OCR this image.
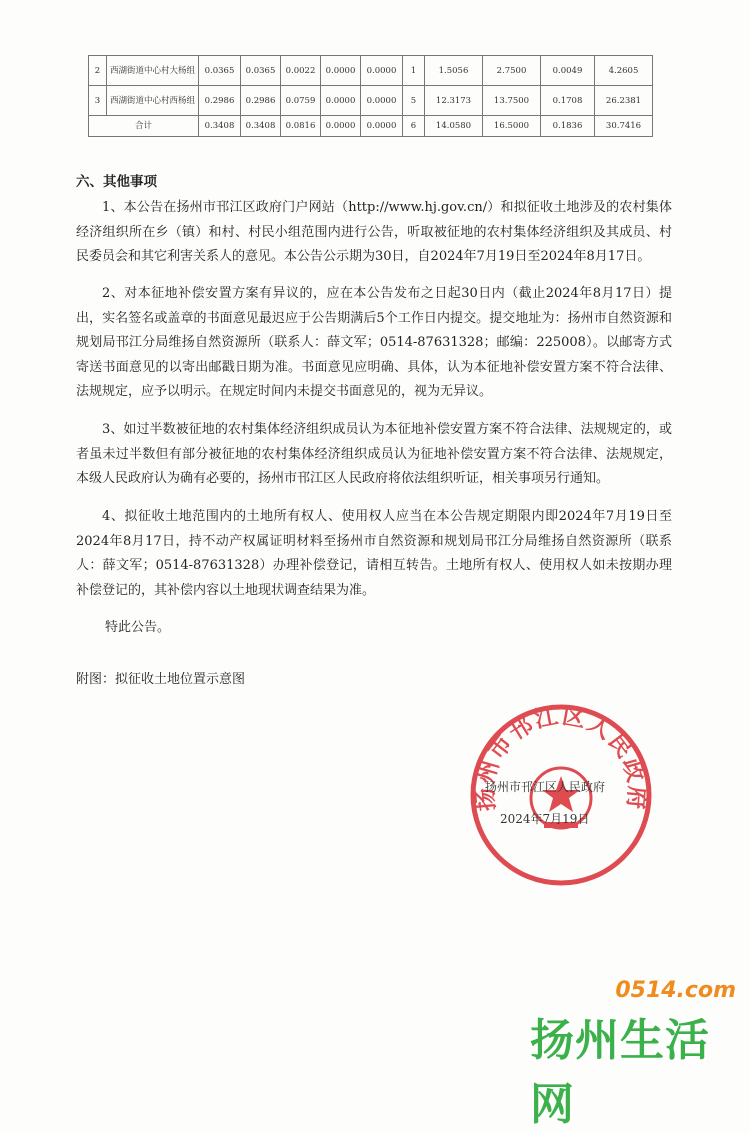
2	西湖街道中心村大杨组	0.0365	0.0365	0.0022	0.0000	0.0000	1	1.5056	2.7500	0.0049	4.2605
3	西湖街道中心村西杨组	0.2986	0.2986	0.0759	0.0000	0.0000	5	12.3173	13.7500	0.1708	26.2381
合计		0.3408	0.3408	0.0816	0.0000	0.0000	6	14.0580	16.5000	0.1836	30.7416
六、其他事项

1、本公告在扬州市邗江区政府门户网站（http://www.hj.gov.cn/）和拟征收土地涉及的农村集体经济组织所在乡（镇）和村、村民小组范围内进行公告，听取被征地的农村集体经济组织及其成员、村民委员会和其它利害关系人的意见。本公告公示期为30日，自2024年7月19日至2024年8月17日。

2、对本征地补偿安置方案有异议的，应在本公告发布之日起30日内（截止2024年8月17日）提出，实名签名或盖章的书面意见最迟应于公告期满后5个工作日内提交。提交地址为：扬州市自然资源和规划局邗江分局维扬自然资源所（联系人：薛文军；0514-87631328；邮编：225008）。以邮寄方式寄送书面意见的以寄出邮戳日期为准。书面意见应明确、具体，认为本征地补偿安置方案不符合法律、法规规定，应予以明示。在规定时间内未提交书面意见的，视为无异议。

3、如过半数被征地的农村集体经济组织成员认为本征地补偿安置方案不符合法律、法规规定的，或者虽未过半数但有部分被征地的农村集体经济组织成员认为征地补偿安置方案不符合法律、法规规定，本级人民政府认为确有必要的，扬州市邗江区人民政府将依法组织听证，相关事项另行通知。

4、拟征收土地范围内的土地所有权人、使用权人应当在本公告规定期限内即2024年7月19日至2024年8月17日，持不动产权属证明材料至扬州市自然资源和规划局邗江分局维扬自然资源所（联系人：薛文军；0514-87631328）办理补偿登记，请相互转告。土地所有权人、使用权人如未按期办理补偿登记的，其补偿内容以土地现状调查结果为准。

特此公告。
附图：拟征收土地位置示意图
扬州市邗江区人民政府
扬州市邗江区人民政府
2024年7月19日
0514.com
扬州生活网
